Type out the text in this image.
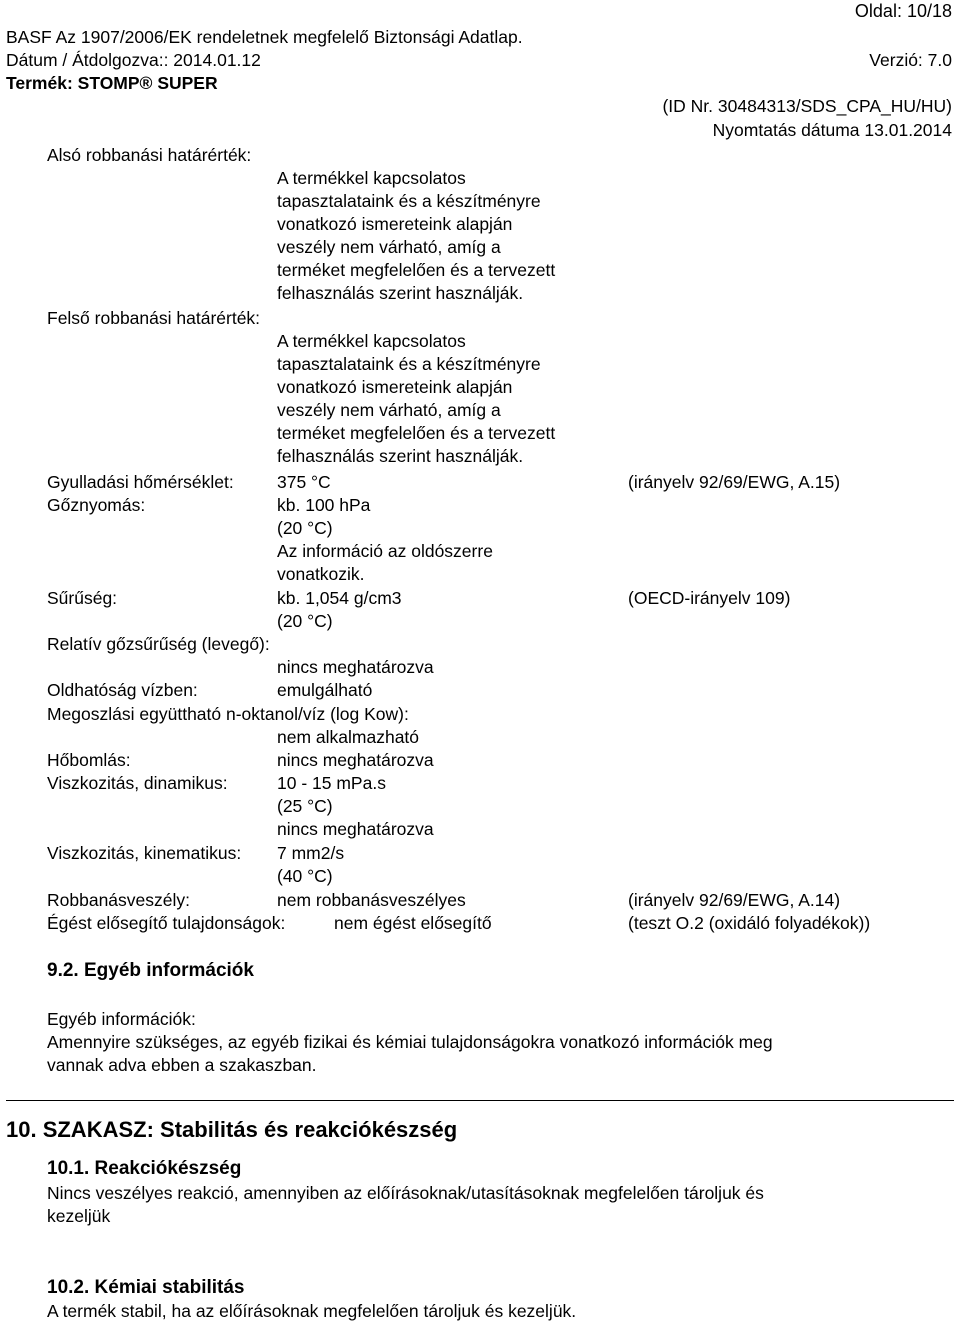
Oldal: 10/18
BASF Az 1907/2006/EK rendeletnek megfelelő Biztonsági Adatlap.
Dátum / Átdolgozva:: 2014.01.12	Verzió: 7.0
Termék: STOMP® SUPER
(ID Nr. 30484313/SDS_CPA_HU/HU)
Nyomtatás dátuma 13.01.2014
Alsó robbanási határérték:
A termékkel kapcsolatos
tapasztalataink és a készítményre
vonatkozó ismereteink alapján
veszély nem várható, amíg a
terméket megfelelően és a tervezett
felhasználás szerint használják.
Felső robbanási határérték:
A termékkel kapcsolatos
tapasztalataink és a készítményre
vonatkozó ismereteink alapján
veszély nem várható, amíg a
terméket megfelelően és a tervezett
felhasználás szerint használják.
Gyulladási hőmérséklet: 375 °C	(irányelv 92/69/EWG, A.15)
Gőznyomás:	kb. 100 hPa
(20 °C)
Az információ az oldószerre
vonatkozik.
Sűrűség:	kb. 1,054 g/cm3	(OECD-irányelv 109)
(20 °C)
Relatív gőzsűrűség (levegő):
nincs meghatározva
Oldhatóság vízben:	emulgálható
Megoszlási együttható n-oktanol/víz (log Kow):
nem alkalmazható
Hőbomlás:	nincs meghatározva
Viszkozitás, dinamikus:	10 - 15 mPa.s
(25 °C)
nincs meghatározva
Viszkozitás, kinematikus: 7 mm2/s
(40 °C)
Robbanásveszély:	nem robbanásveszélyes	(irányelv 92/69/EWG, A.14)
Égést elősegítő tulajdonságok:	nem égést elősegítő	(teszt O.2 (oxidáló folyadékok))
9.2. Egyéb információk
Egyéb információk:
Amennyire szükséges, az egyéb fizikai és kémiai tulajdonságokra vonatkozó információk meg
vannak adva ebben a szakaszban.
10. SZAKASZ: Stabilitás és reakciókészség
10.1. Reakciókészség
Nincs veszélyes reakció, amennyiben az előírásoknak/utasításoknak megfelelően tároljuk és
kezeljük
10.2. Kémiai stabilitás
A termék stabil, ha az előírásoknak megfelelően tároljuk és kezeljük.
